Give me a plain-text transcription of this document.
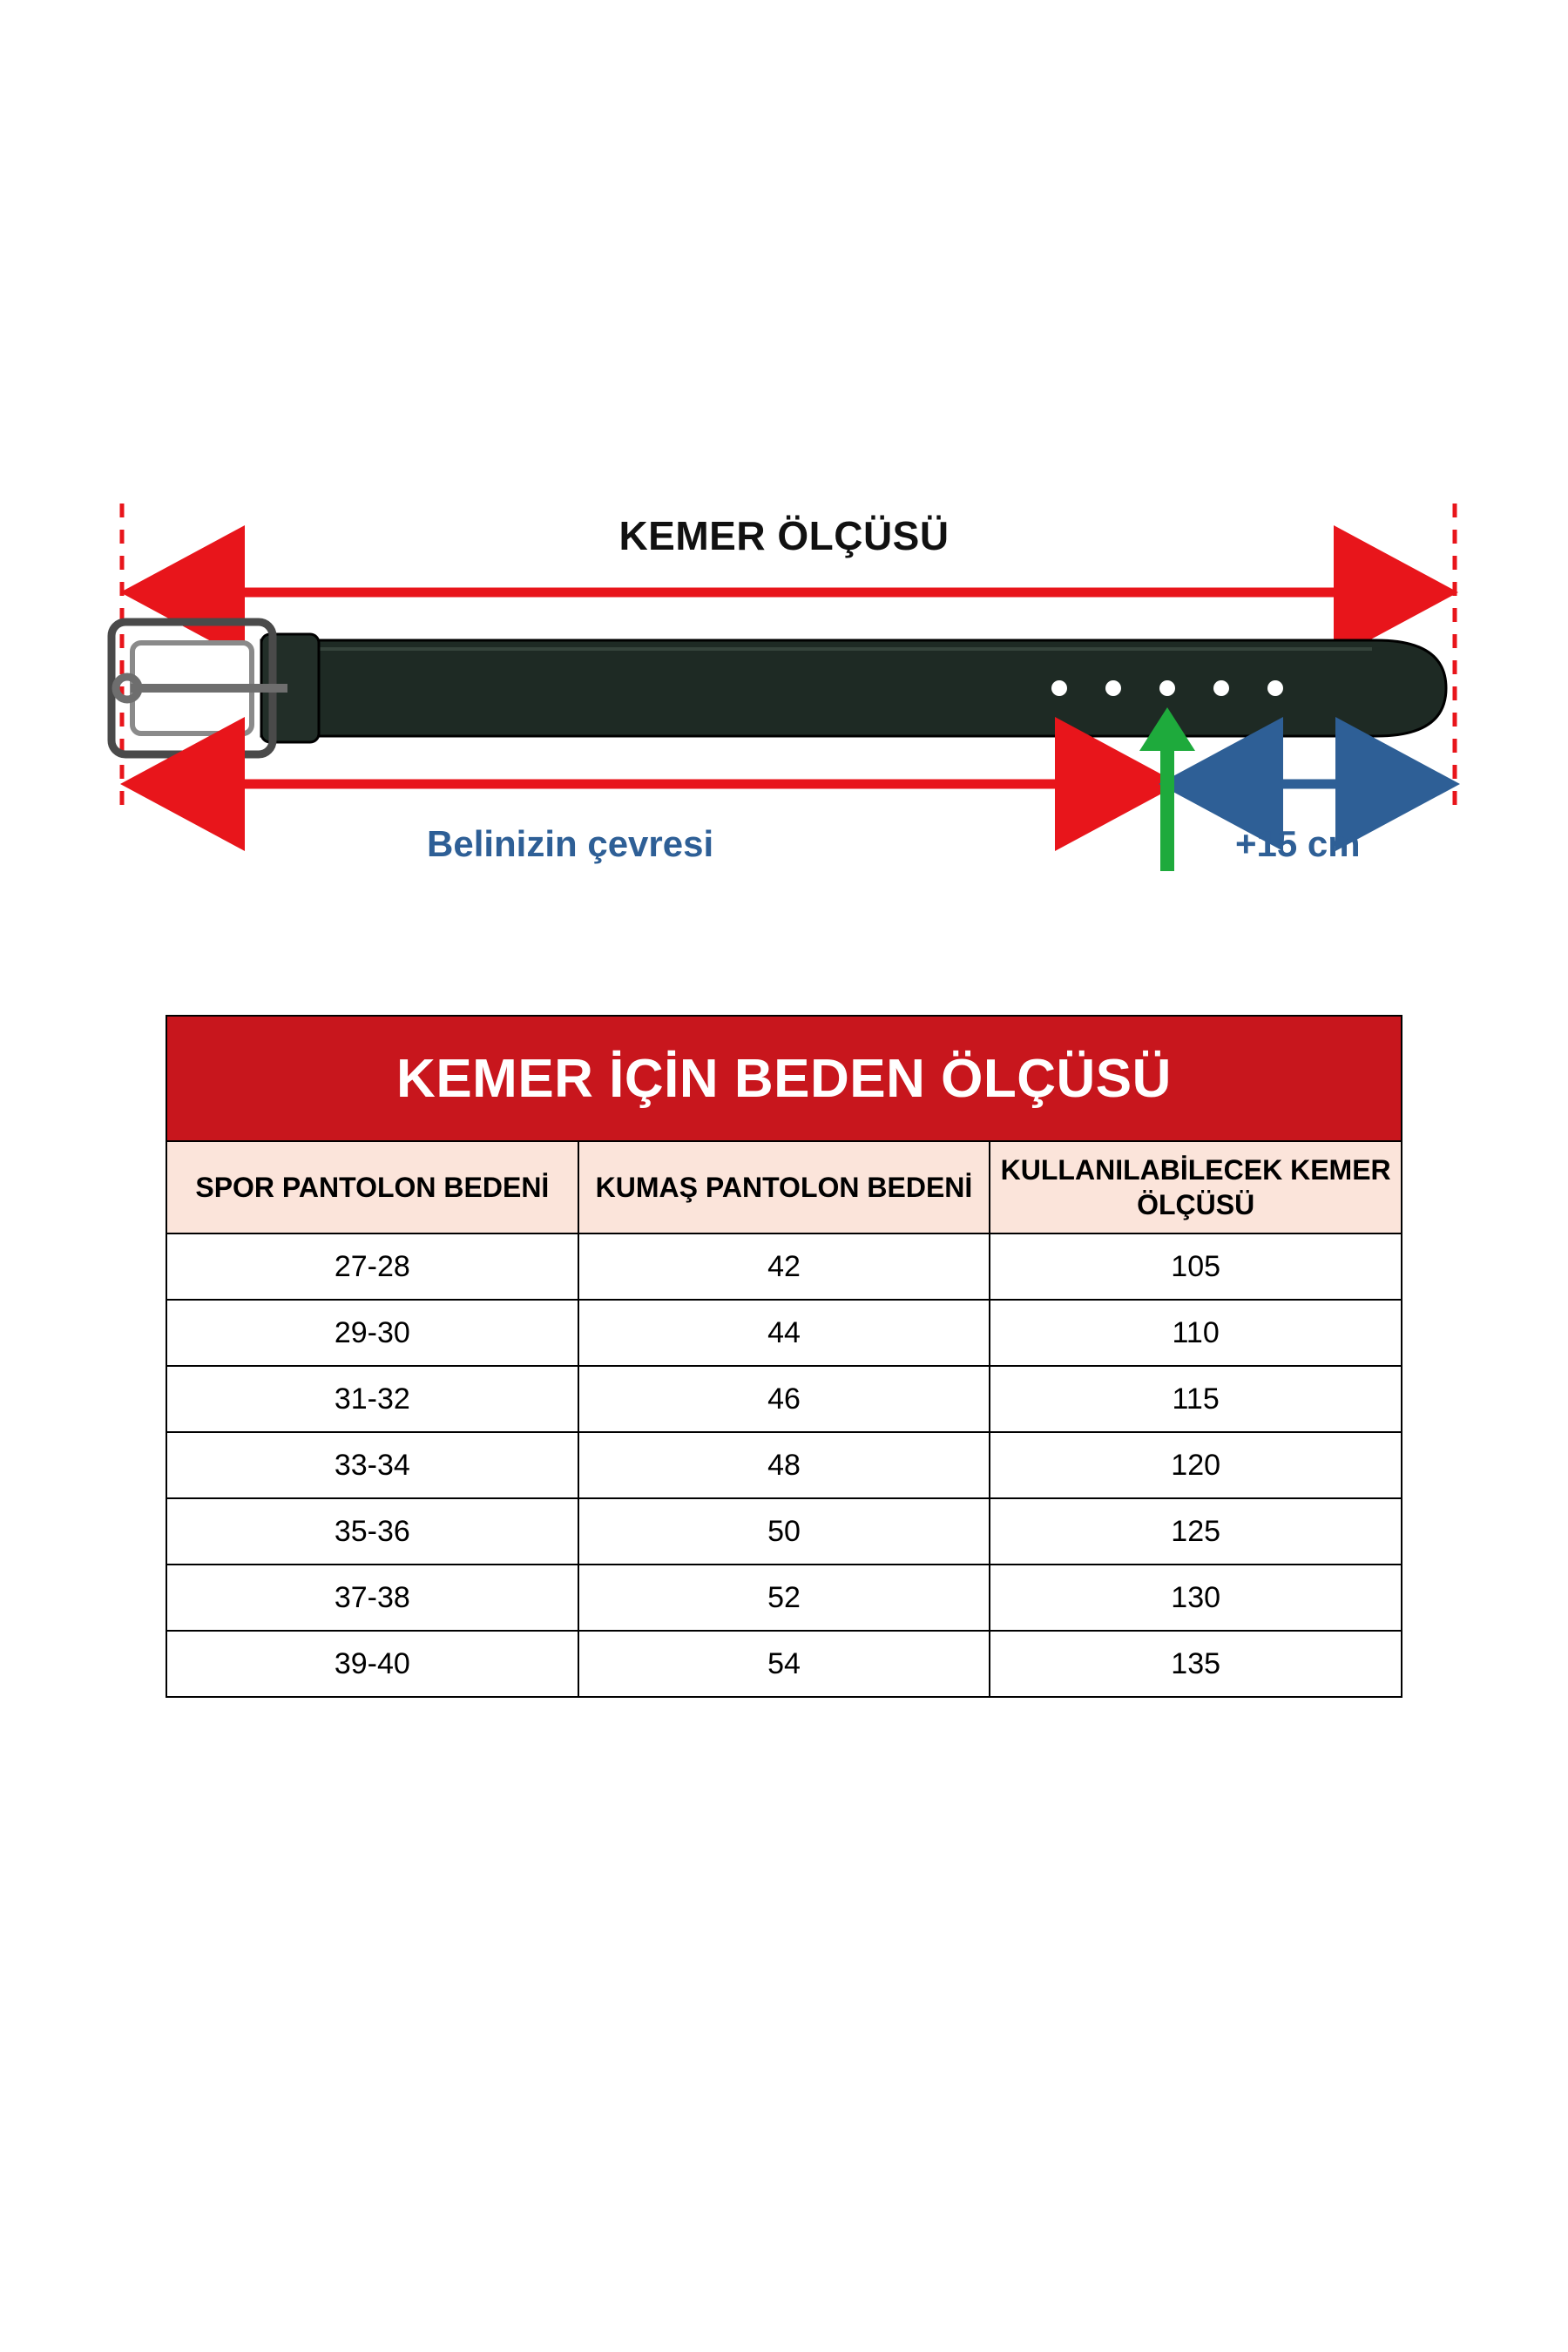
KEMER ÖLÇÜSÜ
Belinizin çevresi	+15 cm
KEMER İÇİN BEDEN ÖLÇÜSÜ		
SPOR PANTOLON BEDENİ	KUMAŞ PANTOLON BEDENİ	KULLANILABİLECEK KEMER ÖLÇÜSÜ
27-28	42	105
29-30	44	110
31-32	46	115
33-34	48	120
35-36	50	125
37-38	52	130
39-40	54	135
